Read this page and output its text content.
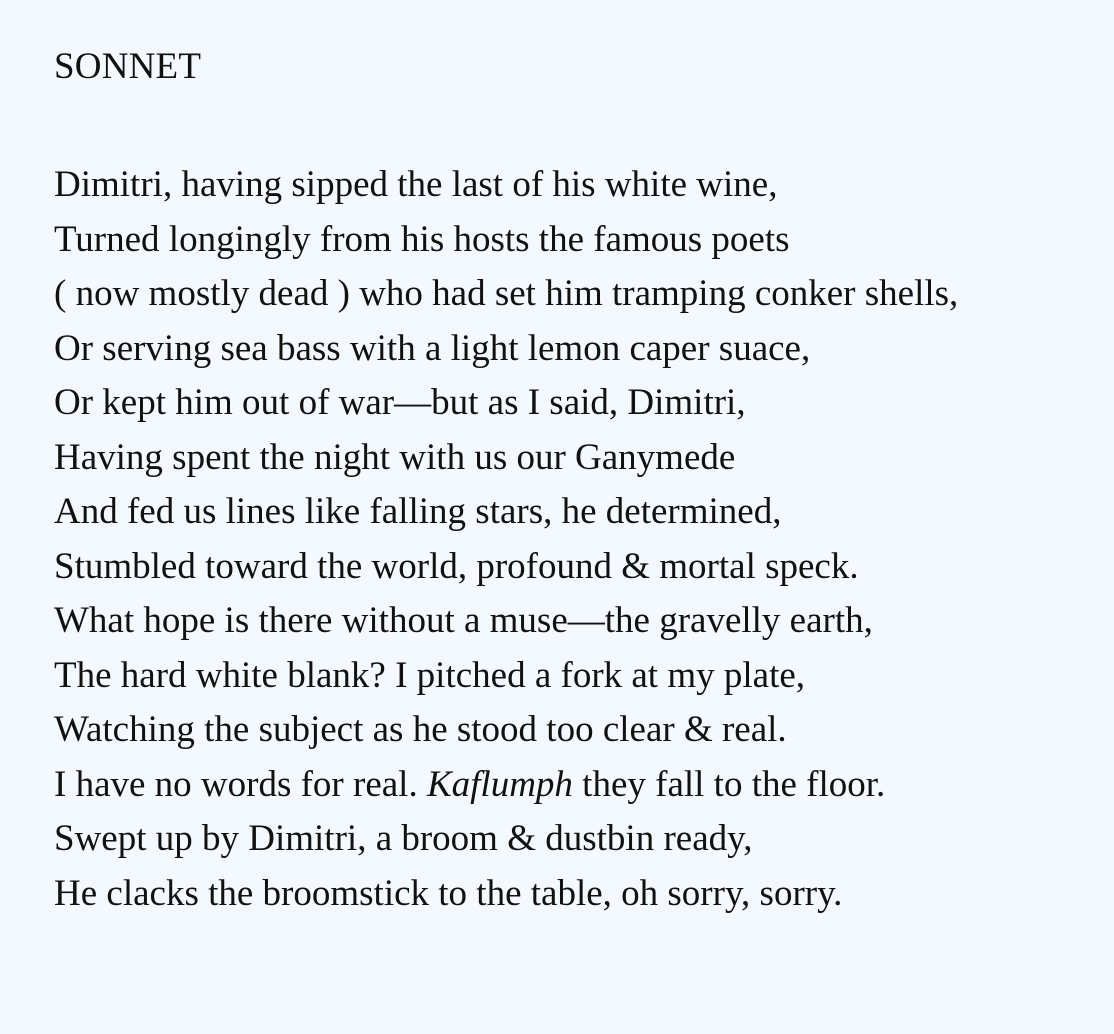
SONNET
Dimitri, having sipped the last of his white wine,
Turned longingly from his hosts the famous poets
( now mostly dead ) who had set him tramping conker shells,
Or serving sea bass with a light lemon caper suace,
Or kept him out of war—but as I said, Dimitri,
Having spent the night with us our Ganymede
And fed us lines like falling stars, he determined,
Stumbled toward the world, profound & mortal speck.
What hope is there without a muse—the gravelly earth,
The hard white blank? I pitched a fork at my plate,
Watching the subject as he stood too clear & real.
I have no words for real. Kaflumph they fall to the floor.
Swept up by Dimitri, a broom & dustbin ready,
He clacks the broomstick to the table, oh sorry, sorry.
